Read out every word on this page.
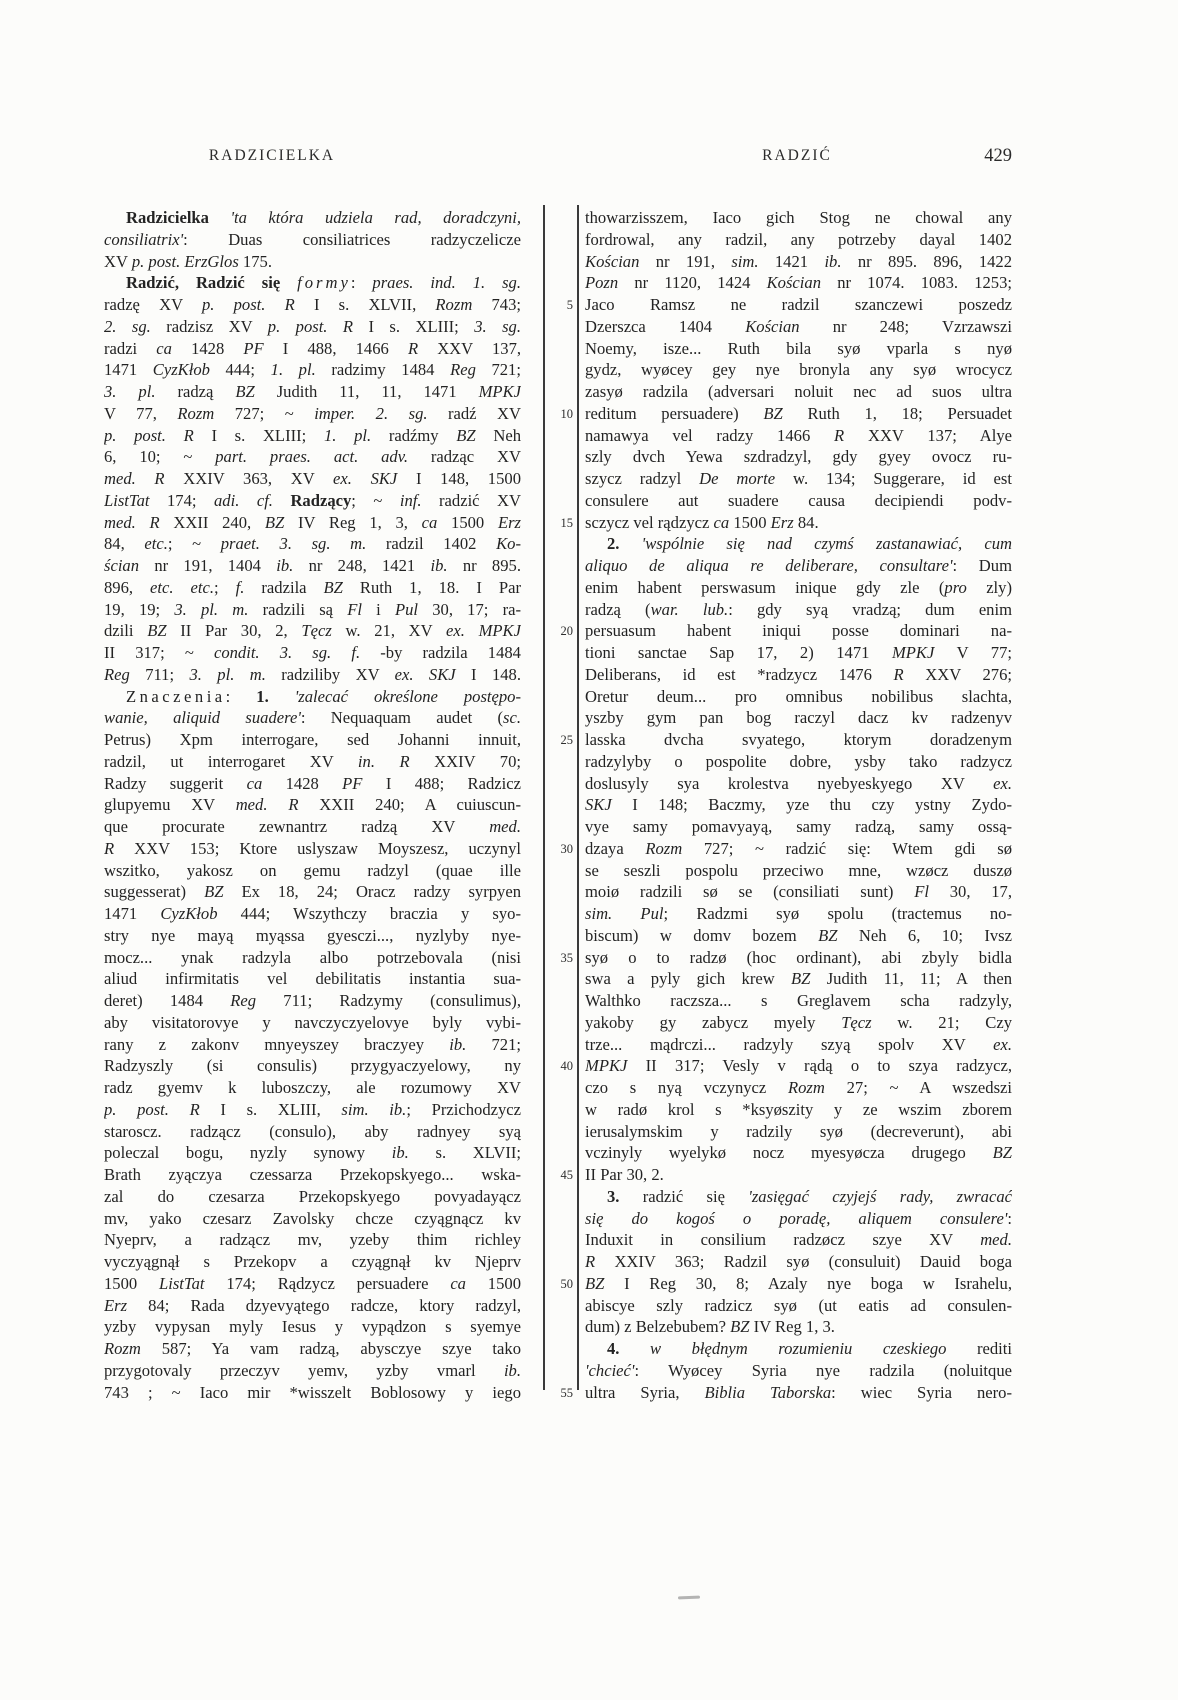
RADZICIELKA	RADZIĆ	429
Radzicielka 'ta która udziela rad, doradczyni,
consiliatrix': Duas consiliatrices radzyczelicze
XV p. post. ErzGlos 175.
Radzić, Radzić się formy: praes. ind. 1. sg.
radzę XV p. post. R I s. XLVII, Rozm 743;
2. sg. radzisz XV p. post. R I s. XLIII; 3. sg.
radzi ca 1428 PF I 488, 1466 R XXV 137,
1471 CyzKłob 444; 1. pl. radzimy 1484 Reg 721;
3. pl. radzą BZ Judith 11, 11, 1471 MPKJ
V 77, Rozm 727; ~ imper. 2. sg. radź XV
p. post. R I s. XLIII; 1. pl. radźmy BZ Neh
6, 10; ~ part. praes. act. adv. radząc XV
med. R XXIV 363, XV ex. SKJ I 148, 1500
ListTat 174; adi. cf. Radzący; ~ inf. radzić XV
med. R XXII 240, BZ IV Reg 1, 3, ca 1500 Erz
84, etc.; ~ praet. 3. sg. m. radzil 1402 Ko-
ścian nr 191, 1404 ib. nr 248, 1421 ib. nr 895.
896, etc. etc.; f. radzila BZ Ruth 1, 18. I Par
19, 19; 3. pl. m. radzili są Fl i Pul 30, 17; ra-
dzili BZ II Par 30, 2, Tęcz w. 21, XV ex. MPKJ
II 317; ~ condit. 3. sg. f. -by radzila 1484
Reg 711; 3. pl. m. radziliby XV ex. SKJ I 148.
Znaczenia: 1. 'zalecać określone postępo-
wanie, aliquid suadere': Nequaquam audet (sc.
Petrus) Xpm interrogare, sed Johanni innuit,
radzil, ut interrogaret XV in. R XXIV 70;
Radzy suggerit ca 1428 PF I 488; Radzicz
glupyemu XV med. R XXII 240; A cuiuscun-
que procurate zewnantrz radzą XV med.
R XXV 153; Ktore uslyszaw Moyszesz, uczynyl
wszitko, yakosz on gemu radzyl (quae ille
suggesserat) BZ Ex 18, 24; Oracz radzy syrpyen
1471 CyzKłob 444; Wszythczy braczia y syo-
stry nye mayą myąssa gyesczi..., nyzlyby nye-
mocz... ynak radzyla albo potrzebovala (nisi
aliud infirmitatis vel debilitatis instantia sua-
deret) 1484 Reg 711; Radzymy (consulimus),
aby visitatorovye y navczyczyelovye byly vybi-
rany z zakonv mnyeyszey braczyey ib. 721;
Radzyszly (si consulis) przygyaczyelowy, ny
radz gyemv k luboszczy, ale rozumowy XV
p. post. R I s. XLIII, sim. ib.; Przichodzycz
staroscz. radzącz (consulo), aby radnyey syą
poleczal bogu, nyzly synowy ib. s. XLVII;
Brath zyączya czessarza Przekopskyego... wska-
zal do czesarza Przekopskyego povyadayącz
mv, yako czesarz Zavolsky chcze czyągnącz kv
Nyeprv, a radzącz mv, yzeby thim richley
vyczyągnął s Przekopv a czyągnął kv Njeprv
1500 ListTat 174; Rądzycz persuadere ca 1500
Erz 84; Rada dzyevyątego radcze, ktory radzyl,
yzby vypysan myly Iesus y vypądzon s syemye
Rozm 587; Ya vam radzą, abysczye szye tako
przygotovaly przeczyv yemv, yzby vmarl ib.
743 ; ~ Iaco mir *wisszelt Boblosowy y iego
thowarzisszem, Iaco gich Stog ne chowal any
fordrowal, any radzil, any potrzeby dayal 1402
Kościan nr 191, sim. 1421 ib. nr 895. 896, 1422
Pozn nr 1120, 1424 Kościan nr 1074. 1083. 1253;
Jaco Ramsz ne radzil szanczewi poszedz
Dzerszca 1404 Kościan nr 248; Vzrzawszi
Noemy, isze... Ruth bila syø vparla s nyø
gydz, wyøcey gey nye bronyla any syø wrocycz
zasyø radzila (adversari noluit nec ad suos ultra
reditum persuadere) BZ Ruth 1, 18; Persuadet
namawya vel radzy 1466 R XXV 137; Alye
szly dvch Yewa szdradzyl, gdy gyey ovocz ru-
szycz radzyl De morte w. 134; Suggerare, id est
consulere aut suadere causa decipiendi podv-
sczycz vel rądzycz ca 1500 Erz 84.
2. 'wspólnie się nad czymś zastanawiać, cum
aliquo de aliqua re deliberare, consultare': Dum
enim habent perswasum inique gdy zle (pro zly)
radzą (war. lub.: gdy syą vradzą; dum enim
persuasum habent iniqui posse dominari na-
tioni sanctae Sap 17, 2) 1471 MPKJ V 77;
Deliberans, id est *radzycz 1476 R XXV 276;
Oretur deum... pro omnibus nobilibus slachta,
yszby gym pan bog raczyl dacz kv radzenyv
lasska dvcha svyatego, ktorym doradzenym
radzylyby o pospolite dobre, ysby tako radzycz
doslusyly sya krolestva nyebyeskyego XV ex.
SKJ I 148; Baczmy, yze thu czy ystny Zydo-
vye samy pomavyayą, samy radzą, samy ossą-
dzaya Rozm 727; ~ radzić się: Wtem gdi sø
se seszli pospolu przeciwo mne, wzøcz duszø
moiø radzili sø se (consiliati sunt) Fl 30, 17,
sim. Pul; Radzmi syø spolu (tractemus no-
biscum) w domv bozem BZ Neh 6, 10; Ivsz
syø o to radzø (hoc ordinant), abi zbyly bidla
swa a pyly gich krew BZ Judith 11, 11; A then
Walthko raczsza... s Greglavem scha radzyly,
yakoby gy zabycz myely Tęcz w. 21; Czy
trze... mądrczi... radzyly szyą spolv XV ex.
MPKJ II 317; Vesly v rądą o to szya radzycz,
czo s nyą vczynycz Rozm 27; ~ A wszedszi
w radø krol s *ksyøszity y ze wszim zborem
ierusalymskim y radzily syø (decreverunt), abi
vczinyly wyelykø nocz myesyøcza drugego BZ
II Par 30, 2.
3. radzić się 'zasięgać czyjejś rady, zwracać
się do kogoś o poradę, aliquem consulere':
Induxit in consilium radzøcz szye XV med.
R XXIV 363; Radzil syø (consuluit) Dauid boga
BZ I Reg 30, 8; Azaly nye boga w Israhelu,
abiscye szly radzicz syø (ut eatis ad consulen-
dum) z Belzebubem? BZ IV Reg 1, 3.
4. w błędnym rozumieniu czeskiego rediti
'chcieć': Wyøcey Syria nye radzila (noluitque
ultra Syria, Biblia Taborska: wiec Syria nero-
5
10
15
20
25
30
35
40
45
50
55
